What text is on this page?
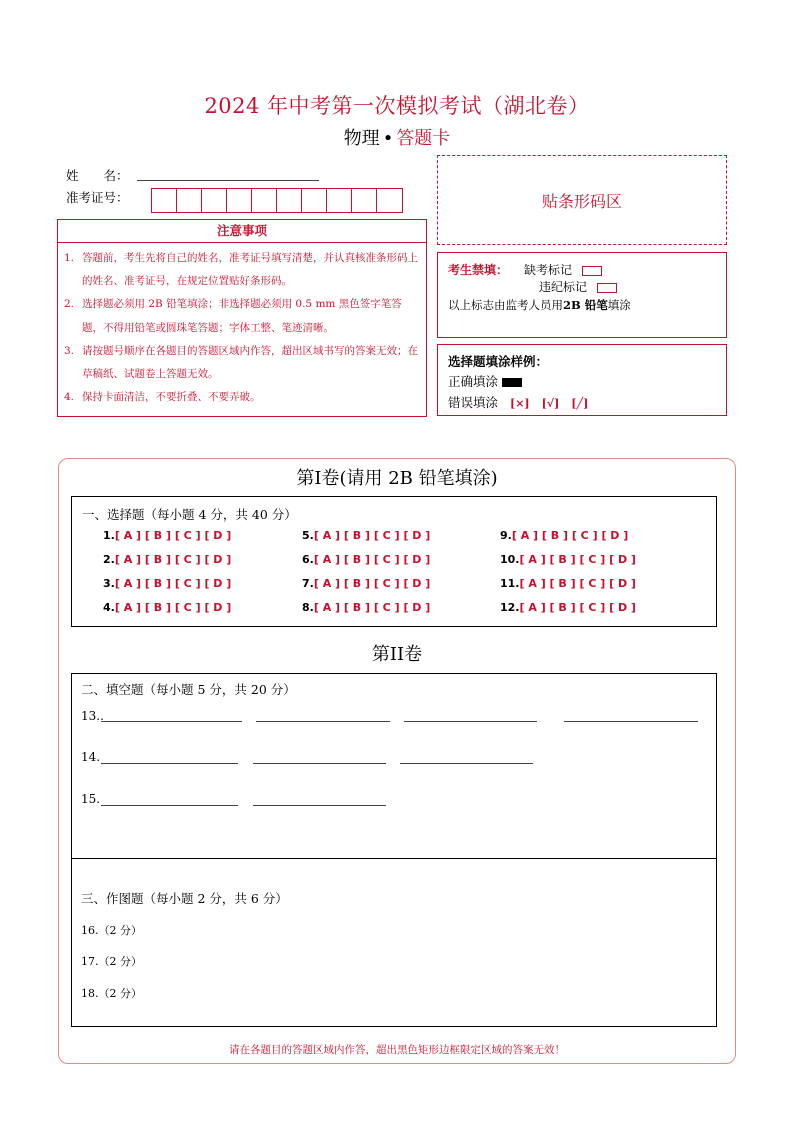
2024 年中考第一次模拟考试（湖北卷）
物理 • 答题卡
姓　　名：
准考证号：	贴条形码区
注意事项
1. 答题前，考生先将自己的姓名，准考证号填写清楚，并认真核准条形码上的姓名、准考证号，在规定位置贴好条形码。
2. 选择题必须用 2B 铅笔填涂；非选择题必须用 0.5 mm 黑色签字笔答题，不得用铅笔或圆珠笔答题；字体工整、笔迹清晰。
3. 请按题号顺序在各题目的答题区域内作答，超出区域书写的答案无效；在草稿纸、试题卷上答题无效。
4. 保持卡面清洁，不要折叠、不要弄破。
考生禁填： 缺考标记
违纪标记
以上标志由监考人员用2B 铅笔填涂
选择题填涂样例：
正确填涂
错误填涂 [×] [√] [╱]
第Ⅰ卷(请用 2B 铅笔填涂)
一、选择题（每小题 4 分，共 40 分）
1.[ A ] [ B ] [ C ] [ D ]
2.[ A ] [ B ] [ C ] [ D ]
3.[ A ] [ B ] [ C ] [ D ]
4.[ A ] [ B ] [ C ] [ D ]
5.[ A ] [ B ] [ C ] [ D ]
6.[ A ] [ B ] [ C ] [ D ]
7.[ A ] [ B ] [ C ] [ D ]
8.[ A ] [ B ] [ C ] [ D ]
9.[ A ] [ B ] [ C ] [ D ]
10.[ A ] [ B ] [ C ] [ D ]
11.[ A ] [ B ] [ C ] [ D ]
12.[ A ] [ B ] [ C ] [ D ]
第II卷
二、填空题（每小题 5 分，共 20 分）
13..
14.
15.
三、作图题（每小题 2 分，共 6 分）
16.（2 分）
17.（2 分）
18.（2 分）
请在各题目的答题区域内作答，超出黑色矩形边框限定区域的答案无效！
